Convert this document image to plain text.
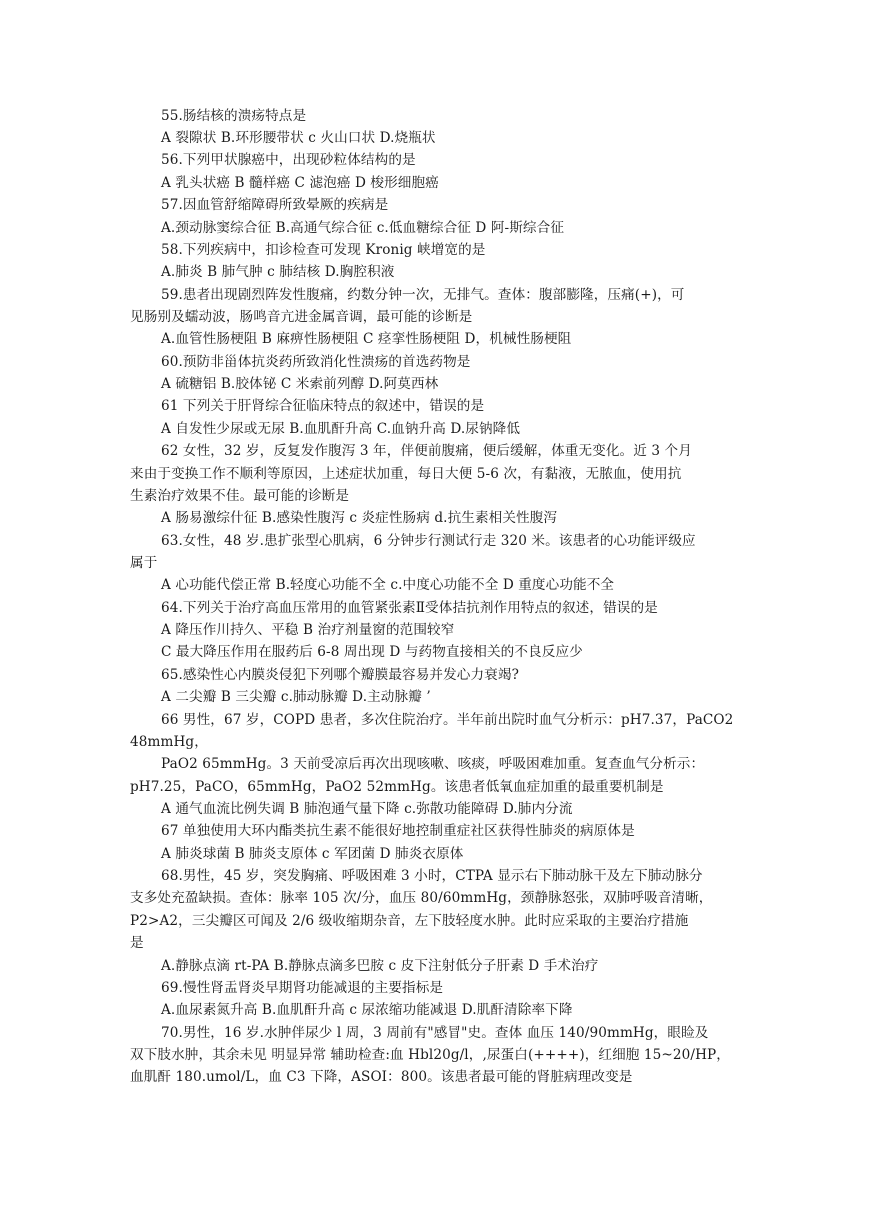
55.肠结核的溃疡特点是
A 裂隙状 B.环形腰带状 c 火山口状 D.烧瓶状
56.下列甲状腺癌中，出现砂粒体结构的是
A 乳头状癌 B 髓样癌 C 滤泡癌 D 梭形细胞癌
57.因血管舒缩障碍所致晕厥的疾病是
A.颈动脉窦综合征 B.高通气综合征 c.低血糖综合征 D 阿-斯综合征
58.下列疾病中，扣诊检查可发现 Kronig 峡增宽的是
A.肺炎 B 肺气肿 c 肺结核 D.胸腔积液
59.患者出现剧烈阵发性腹痛，约数分钟一次，无排气。查体：腹部膨隆，压痛(+)，可
见肠别及蠕动波，肠鸣音亢进金属音调，最可能的诊断是
A.血管性肠梗阻 B 麻痹性肠梗阻 C 痉挛性肠梗阻 D，机械性肠梗阻
60.预防非甾体抗炎药所致消化性溃疡的首选药物是
A 硫糖铝 B.胶体铋 C 米索前列醇 D.阿莫西林
61 下列关于肝肾综合征临床特点的叙述中，错误的是
A 自发性少尿或无尿 B.血肌酐升高 C.血钠升高 D.尿钠降低
62 女性，32 岁，反复发作腹泻 3 年，伴便前腹痛，便后缓解，体重无变化。近 3 个月
来由于变换工作不顺利等原因，上述症状加重，每日大便 5-6 次，有黏液，无脓血，使用抗
生素治疗效果不佳。最可能的诊断是
A 肠易激综什征 B.感染性腹泻 c 炎症性肠病 d.抗生素相关性腹泻
63.女性，48 岁.患扩张型心肌病，6 分钟步行测试行走 320 米。该患者的心功能评级应
属于
A 心功能代偿正常 B.轻度心功能不全 c.中度心功能不全 D 重度心功能不全
64.下列关于治疗高血压常用的血管紧张素Ⅱ受体拮抗剂作用特点的叙述，错误的是
A 降压作川持久、平稳 B 治疗剂量窗的范围较窄
C 最大降压作用在服药后 6-8 周出现 D 与药物直接相关的不良反应少
65.感染性心内膜炎侵犯下列哪个瓣膜最容易并发心力衰竭?
A 二尖瓣 B 三尖瓣 c.肺动脉瓣 D.主动脉瓣 ’
66 男性，67 岁，COPD 患者，多次住院治疗。半年前出院时血气分析示：pH7.37，PaCO2
48mmHg，
PaO2 65mmHg。3 天前受凉后再次出现咳嗽、咳痰，呼吸困难加重。复查血气分析示：
pH7.25，PaCO，65mmHg，PaO2 52mmHg。该患者低氧血症加重的最重要机制是
A 通气血流比例失调 B 肺泡通气量下降 c.弥散功能障碍 D.肺内分流
67 单独使用大环内酯类抗生素不能很好地控制重症社区获得性肺炎的病原体是
A 肺炎球菌 B 肺炎支原体 c 军团菌 D 肺炎衣原体
68.男性，45 岁，突发胸痛、呼吸困难 3 小时，CTPA 显示右下肺动脉干及左下肺动脉分
支多处充盈缺损。查体：脉率 105 次/分，血压 80/60mmHg，颈静脉怒张，双肺呼吸音清晰，
P2>A2，三尖瓣区可闻及 2/6 级收缩期杂音，左下肢轻度水肿。此时应采取的主要治疗措施
是
A.静脉点滴 rt-PA B.静脉点滴多巴胺 c 皮下注射低分子肝素 D 手术治疗
69.慢性肾盂肾炎早期肾功能减退的主要指标是
A.血尿素氮升高 B.血肌酐升高 c 尿浓缩功能减退 D.肌酐清除率下降
70.男性，16 岁.水肿伴尿少 l 周，3 周前有"感冒"史。查体 血压 140/90mmHg，眼睑及
双下肢水肿，其余未见 明显异常 辅助检查:血 Hbl20g/l，,尿蛋白(++++)，红细胞 15~20/HP，
血肌酐 180.umol/L，血 C3 下降，ASOI：800。该患者最可能的肾脏病理改变是
